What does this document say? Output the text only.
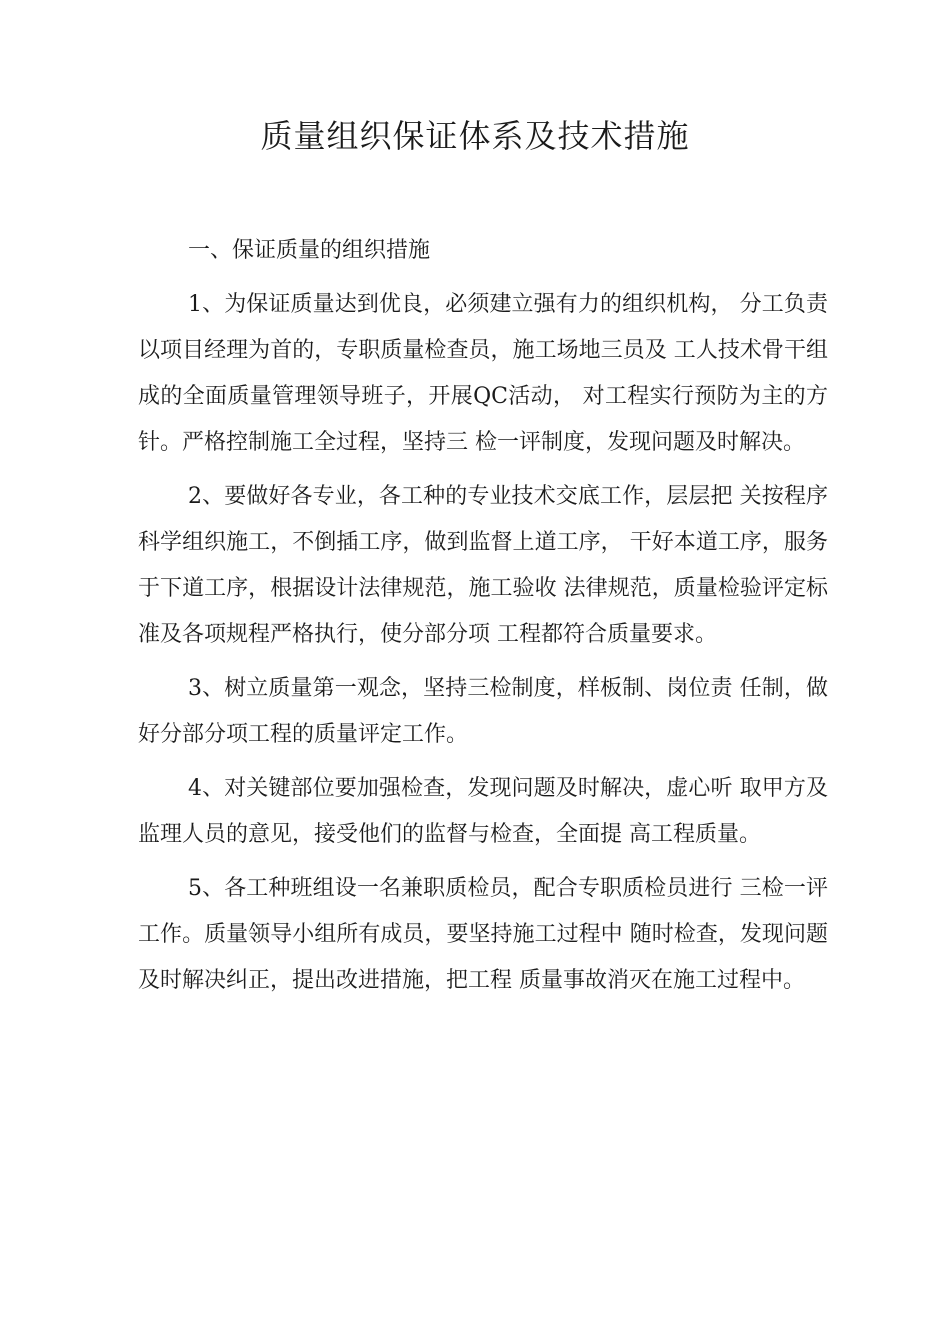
质量组织保证体系及技术措施
一、保证质量的组织措施

1、为保证质量达到优良，必须建立强有力的组织机构， 分工负责以项目经理为首的，专职质量检查员，施工场地三员及 工人技术骨干组成的全面质量管理领导班子，开展QC活动， 对工程实行预防为主的方针。严格控制施工全过程，坚持三 检一评制度，发现问题及时解决。

2、要做好各专业，各工种的专业技术交底工作，层层把 关按程序科学组织施工，不倒插工序，做到监督上道工序， 干好本道工序，服务于下道工序，根据设计法律规范，施工验收 法律规范，质量检验评定标准及各项规程严格执行，使分部分项 工程都符合质量要求。

3、树立质量第一观念，坚持三检制度，样板制、岗位责 任制，做好分部分项工程的质量评定工作。

4、对关键部位要加强检查，发现问题及时解决，虚心听 取甲方及监理人员的意见，接受他们的监督与检查，全面提 高工程质量。

5、各工种班组设一名兼职质检员，配合专职质检员进行 三检一评工作。质量领导小组所有成员，要坚持施工过程中 随时检查，发现问题及时解决纠正，提出改进措施，把工程 质量事故消灭在施工过程中。
